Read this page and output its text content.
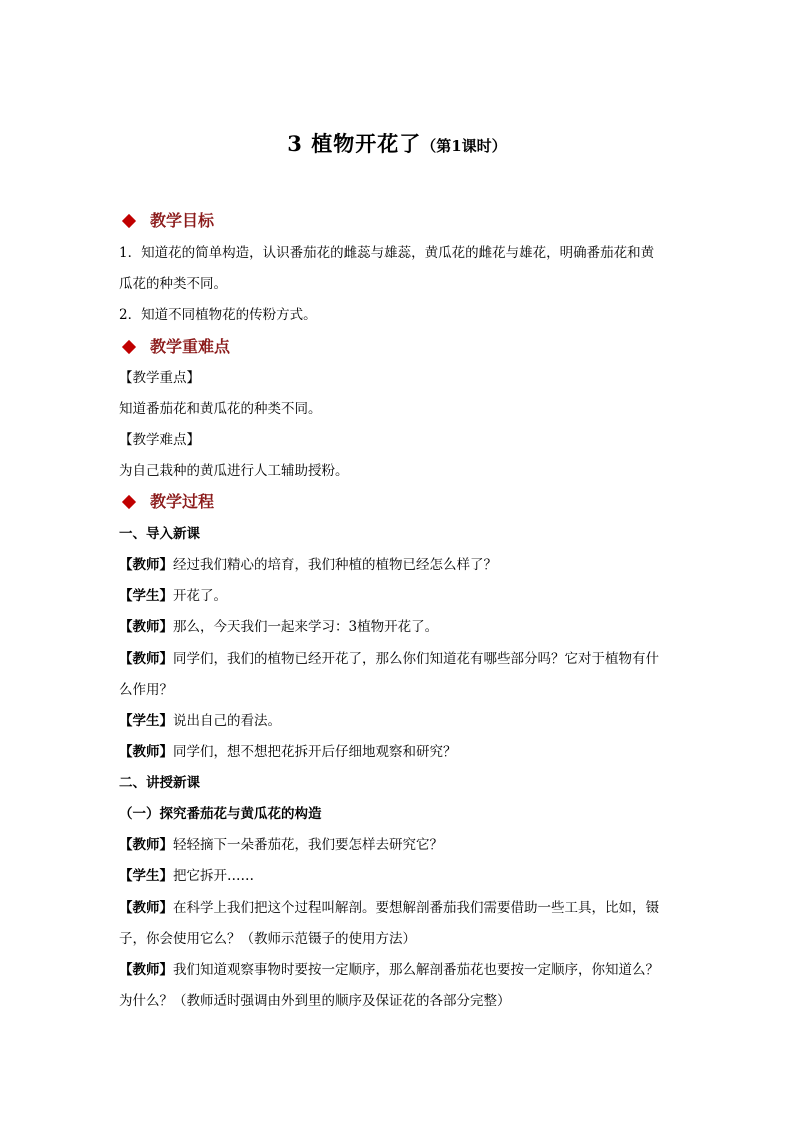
3 植物开花了（第1课时）
教学目标
1．知道花的简单构造，认识番茄花的雌蕊与雄蕊，黄瓜花的雌花与雄花，明确番茄花和黄
瓜花的种类不同。
2．知道不同植物花的传粉方式。
教学重难点
【教学重点】
知道番茄花和黄瓜花的种类不同。
【教学难点】
为自己栽种的黄瓜进行人工辅助授粉。
教学过程
一、导入新课
【教师】经过我们精心的培育，我们种植的植物已经怎么样了？
【学生】开花了。
【教师】那么，今天我们一起来学习：3植物开花了。
【教师】同学们，我们的植物已经开花了，那么你们知道花有哪些部分吗？它对于植物有什
么作用？
【学生】说出自己的看法。
【教师】同学们，想不想把花拆开后仔细地观察和研究？
二、讲授新课
（一）探究番茄花与黄瓜花的构造
【教师】轻轻摘下一朵番茄花，我们要怎样去研究它？
【学生】把它拆开……
【教师】在科学上我们把这个过程叫解剖。要想解剖番茄我们需要借助一些工具，比如，镊
子，你会使用它么？（教师示范镊子的使用方法）
【教师】我们知道观察事物时要按一定顺序，那么解剖番茄花也要按一定顺序，你知道么？
为什么？（教师适时强调由外到里的顺序及保证花的各部分完整）
